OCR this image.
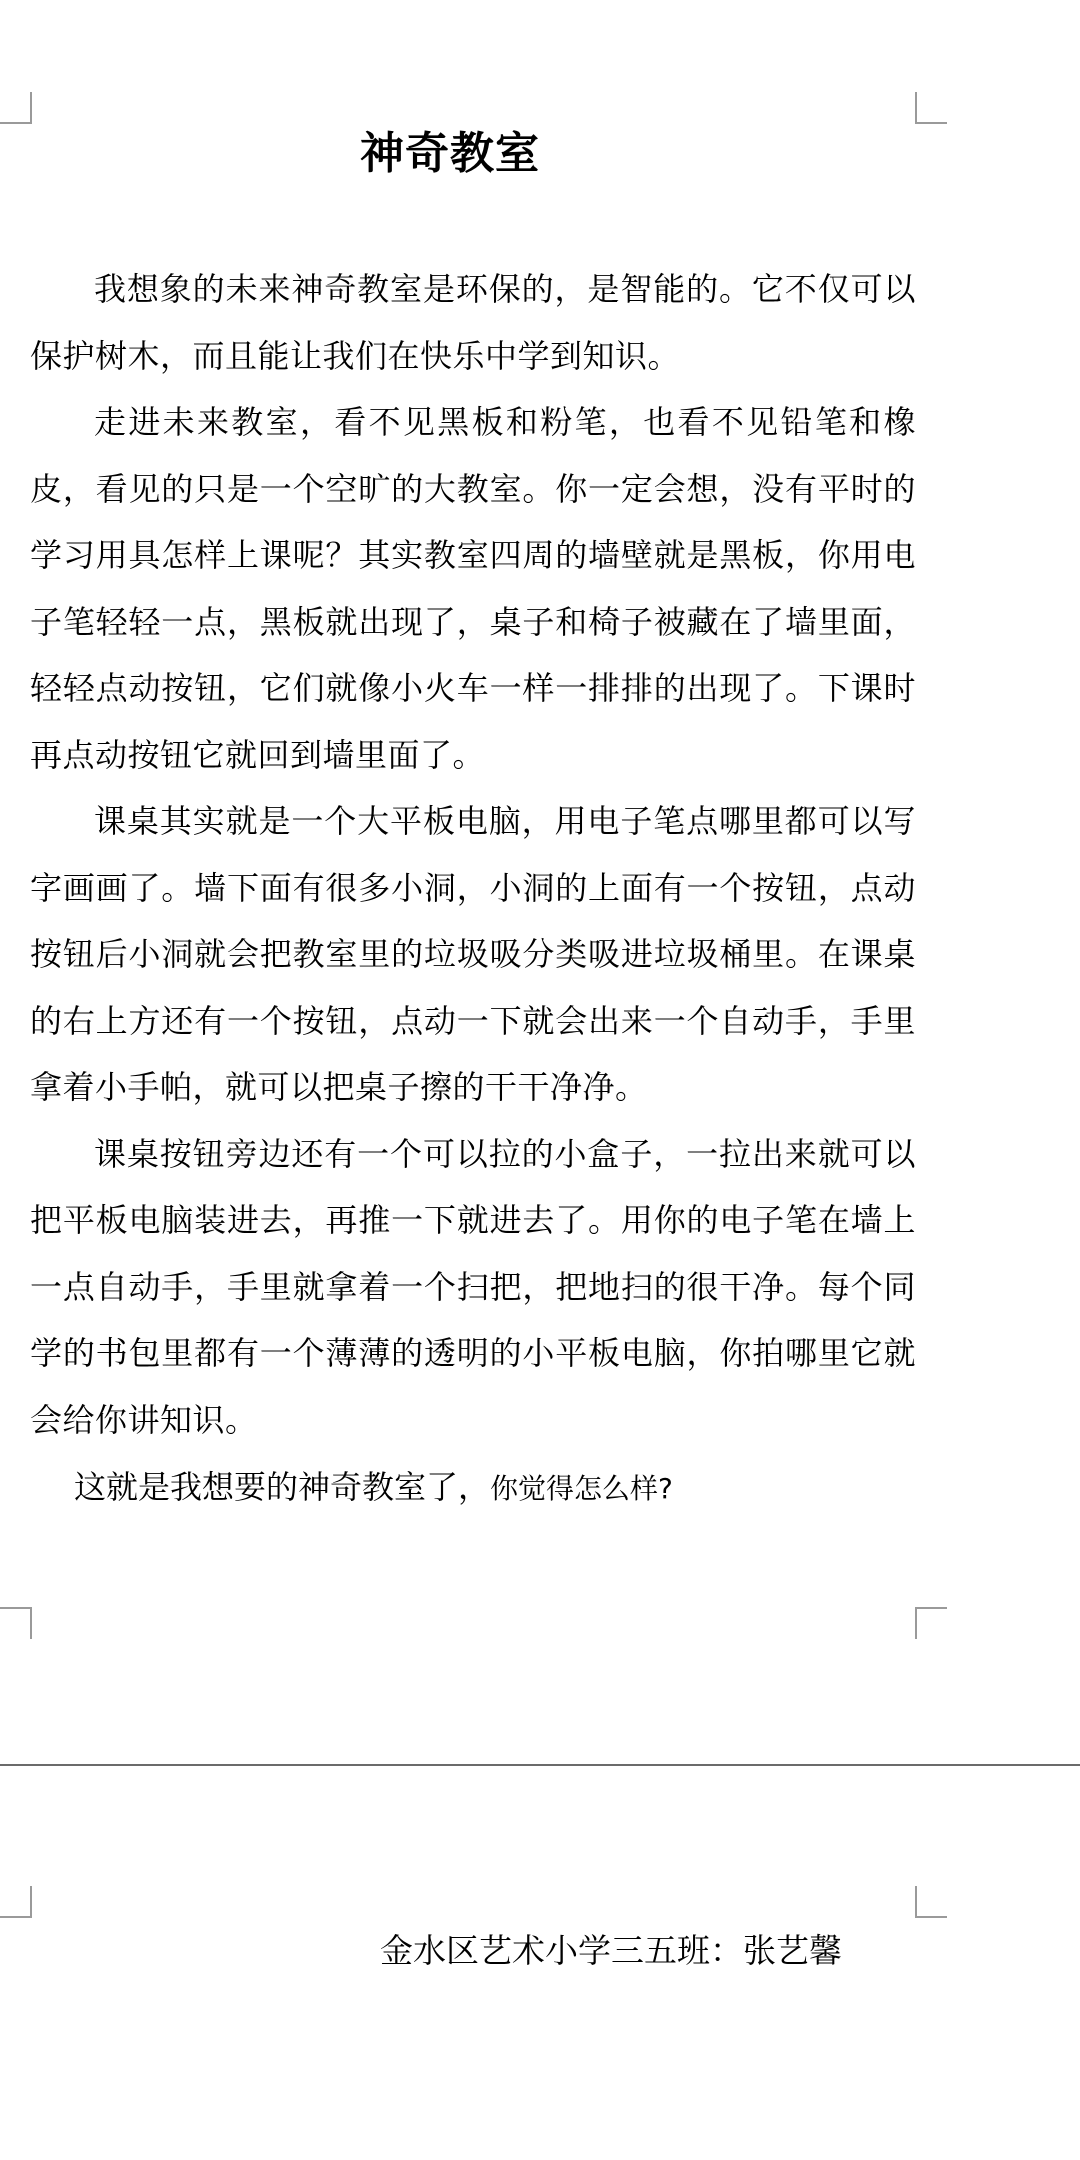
神奇教室

我想象的未来神奇教室是环保的，是智能的。它不仅可以保护树木，而且能让我们在快乐中学到知识。

走进未来教室，看不见黑板和粉笔，也看不见铅笔和橡皮，看见的只是一个空旷的大教室。你一定会想，没有平时的学习用具怎样上课呢？其实教室四周的墙壁就是黑板，你用电子笔轻轻一点，黑板就出现了，桌子和椅子被藏在了墙里面，轻轻点动按钮，它们就像小火车一样一排排的出现了。下课时再点动按钮它就回到墙里面了。

课桌其实就是一个大平板电脑，用电子笔点哪里都可以写字画画了。墙下面有很多小洞，小洞的上面有一个按钮，点动按钮后小洞就会把教室里的垃圾吸分类吸进垃圾桶里。在课桌的右上方还有一个按钮，点动一下就会出来一个自动手，手里拿着小手帕，就可以把桌子擦的干干净净。

课桌按钮旁边还有一个可以拉的小盒子，一拉出来就可以把平板电脑装进去，再推一下就进去了。用你的电子笔在墙上一点自动手，手里就拿着一个扫把，把地扫的很干净。每个同学的书包里都有一个薄薄的透明的小平板电脑，你拍哪里它就会给你讲知识。

这就是我想要的神奇教室了，你觉得怎么样?
金水区艺术小学三五班：张艺馨
